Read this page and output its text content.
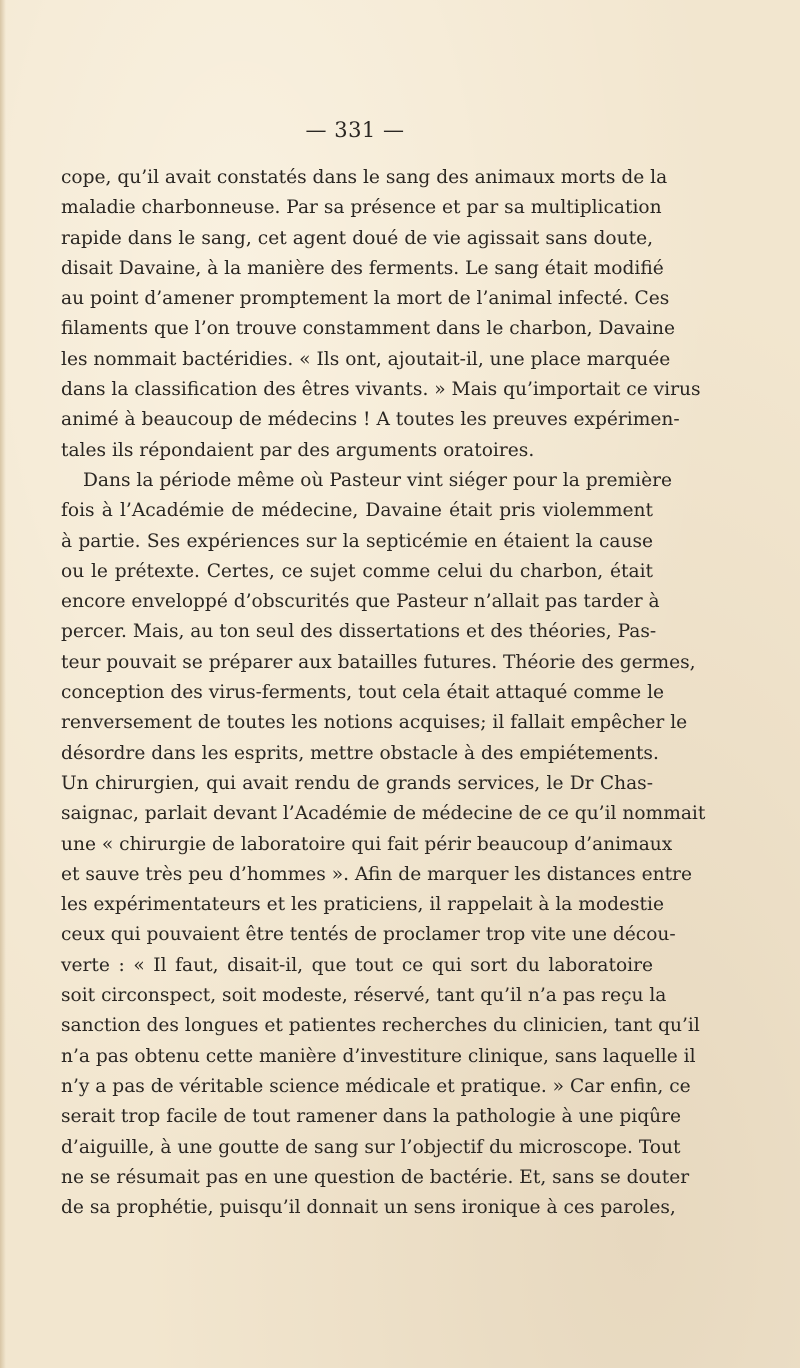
— 331 —
cope, qu’il avait constatés dans le sang des animaux morts de la
maladie charbonneuse. Par sa présence et par sa multiplication
rapide dans le sang, cet agent doué de vie agissait sans doute,
disait Davaine, à la manière des ferments. Le sang était modifié
au point d’amener promptement la mort de l’animal infecté. Ces
filaments que l’on trouve constamment dans le charbon, Davaine
les nommait bactéridies. « Ils ont, ajoutait-il, une place marquée
dans la classification des êtres vivants. » Mais qu’importait ce virus
animé à beaucoup de médecins ! A toutes les preuves expérimen-
tales ils répondaient par des arguments oratoires.
Dans la période même où Pasteur vint siéger pour la première
fois à l’Académie de médecine, Davaine était pris violemment
à partie. Ses expériences sur la septicémie en étaient la cause
ou le prétexte. Certes, ce sujet comme celui du charbon, était
encore enveloppé d’obscurités que Pasteur n’allait pas tarder à
percer. Mais, au ton seul des dissertations et des théories, Pas-
teur pouvait se préparer aux batailles futures. Théorie des germes,
conception des virus-ferments, tout cela était attaqué comme le
renversement de toutes les notions acquises; il fallait empêcher le
désordre dans les esprits, mettre obstacle à des empiétements.
Un chirurgien, qui avait rendu de grands services, le Dr Chas-
saignac, parlait devant l’Académie de médecine de ce qu’il nommait
une « chirurgie de laboratoire qui fait périr beaucoup d’animaux
et sauve très peu d’hommes ». Afin de marquer les distances entre
les expérimentateurs et les praticiens, il rappelait à la modestie
ceux qui pouvaient être tentés de proclamer trop vite une décou-
verte : « Il faut, disait-il, que tout ce qui sort du laboratoire
soit circonspect, soit modeste, réservé, tant qu’il n’a pas reçu la
sanction des longues et patientes recherches du clinicien, tant qu’il
n’a pas obtenu cette manière d’investiture clinique, sans laquelle il
n’y a pas de véritable science médicale et pratique. » Car enfin, ce
serait trop facile de tout ramener dans la pathologie à une piqûre
d’aiguille, à une goutte de sang sur l’objectif du microscope. Tout
ne se résumait pas en une question de bactérie. Et, sans se douter
de sa prophétie, puisqu’il donnait un sens ironique à ces paroles,
